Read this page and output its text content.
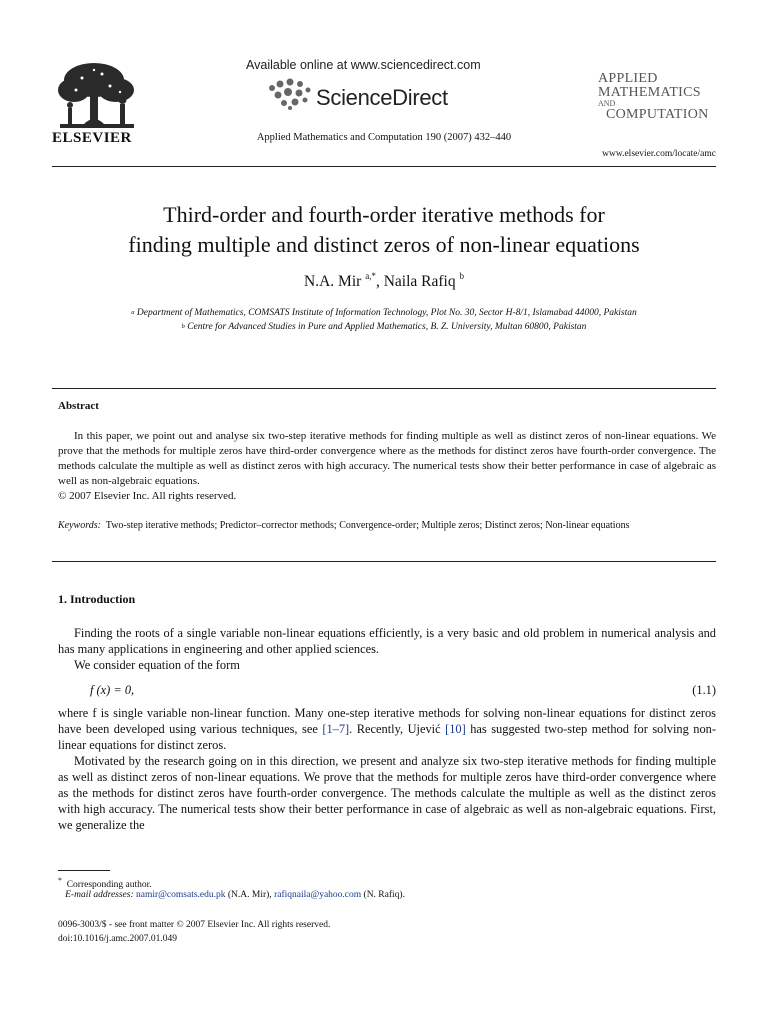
ELSEVIER
Available online at www.sciencedirect.com
ScienceDirect
Applied Mathematics and Computation 190 (2007) 432–440
APPLIED
MATHEMATICS
AND
COMPUTATION
www.elsevier.com/locate/amc
Third-order and fourth-order iterative methods for
finding multiple and distinct zeros of non-linear equations
N.A. Mir $^{a,*}$, Naila Rafiq $^b$
$^a$ Department of Mathematics, COMSATS Institute of Information Technology, Plot No. 30, Sector H-8/1, Islamabad 44000, Pakistan
$^b$ Centre for Advanced Studies in Pure and Applied Mathematics, B. Z. University, Multan 60800, Pakistan
Abstract

In this paper, we point out and analyse six two-step iterative methods for finding multiple as well as distinct zeros of non-linear equations. We prove that the methods for multiple zeros have third-order convergence where as the methods for distinct zeros have fourth-order convergence. The methods calculate the multiple as well as distinct zeros with high accuracy. The numerical tests show their better performance in case of algebraic as well as non-algebraic equations.

© 2007 Elsevier Inc. All rights reserved.

Keywords: Two-step iterative methods; Predictor–corrector methods; Convergence-order; Multiple zeros; Distinct zeros; Non-linear equations
1. Introduction

Finding the roots of a single variable non-linear equations efficiently, is a very basic and old problem in numerical analysis and has many applications in engineering and other applied sciences.

We consider equation of the form

f (x) = 0,	(1.1)

where f is single variable non-linear function. Many one-step iterative methods for solving non-linear equations for distinct zeros have been developed using various techniques, see [1–7]. Recently, Ujević [10] has suggested two-step method for solving non-linear equations for distinct zeros.

Motivated by the research going on in this direction, we present and analyze six two-step iterative methods for finding multiple as well as distinct zeros of non-linear equations. We prove that the methods for multiple zeros have third-order convergence where as the methods for distinct zeros have fourth-order convergence. The methods calculate the multiple as well as the distinct zeros with high accuracy. The numerical tests show their better performance in case of algebraic as well as non-algebraic equations. First, we generalize the

* Corresponding author.
E-mail addresses: namir@comsats.edu.pk (N.A. Mir), rafiqnaila@yahoo.com (N. Rafiq).
0096-3003/$ - see front matter © 2007 Elsevier Inc. All rights reserved.
doi:10.1016/j.amc.2007.01.049
